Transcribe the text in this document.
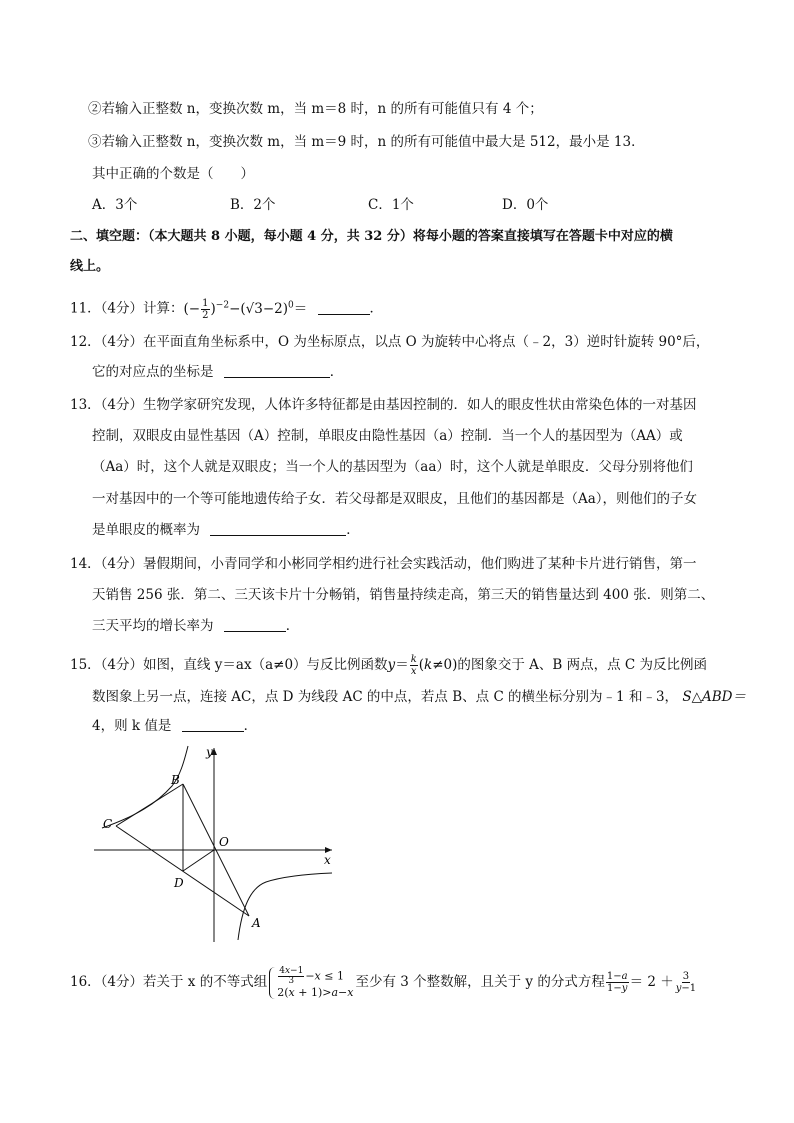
②若输入正整数 n，变换次数 m，当 m＝8 时，n 的所有可能值只有 4 个；
③若输入正整数 n，变换次数 m，当 m＝9 时，n 的所有可能值中最大是 512，最小是 13．
其中正确的个数是（　　）
A．3个	B．2个	C．1个	D．0个
二、填空题：（本大题共 8 小题，每小题 4 分，共 32 分）将每小题的答案直接填写在答题卡中对应的横
线上。
11．（4分）计算：(− $\frac{1}{2} )^{-2}-(√3-2)^0=$	．
12．（4分）在平面直角坐标系中，O 为坐标原点，以点 O 为旋转中心将点（﹣2，3）逆时针旋转 90°后，
它的对应点的坐标是	．
13．（4分）生物学家研究发现，人体许多特征都是由基因控制的．如人的眼皮性状由常染色体的一对基因
控制，双眼皮由显性基因（A）控制，单眼皮由隐性基因（a）控制．当一个人的基因型为（AA）或
（Aa）时，这个人就是双眼皮；当一个人的基因型为（aa）时，这个人就是单眼皮．父母分别将他们
一对基因中的一个等可能地遗传给子女．若父母都是双眼皮，且他们的基因都是（Aa），则他们的子女
是单眼皮的概率为	．
14．（4分）暑假期间，小青同学和小彬同学相约进行社会实践活动，他们购进了某种卡片进行销售，第一
天销售 256 张．第二、三天该卡片十分畅销，销售量持续走高，第三天的销售量达到 400 张．则第二、
三天平均的增长率为	．
15．（4分）如图，直线 y＝ax（a≠0）与反比例函数$y= \frac{k}{x} (k\ne 0)$的图象交于 A、B 两点，点 C 为反比例函
数图象上另一点，连接 AC，点 D 为线段 AC 的中点，若点 B、点 C 的横坐标分别为﹣1 和﹣3， S△ABD＝
4，则 k 值是	．
y
x
O
B
C
D
A
16．（4分）若关于 x 的不等式组 $\frac{4x-1}{3} -x \le 1$
2(x + 1)>a−x
至少有 3 个整数解，且关于 y 的分式方程 $\frac{1-a}{1-y} = 2 + \frac{3}{y-1}$
